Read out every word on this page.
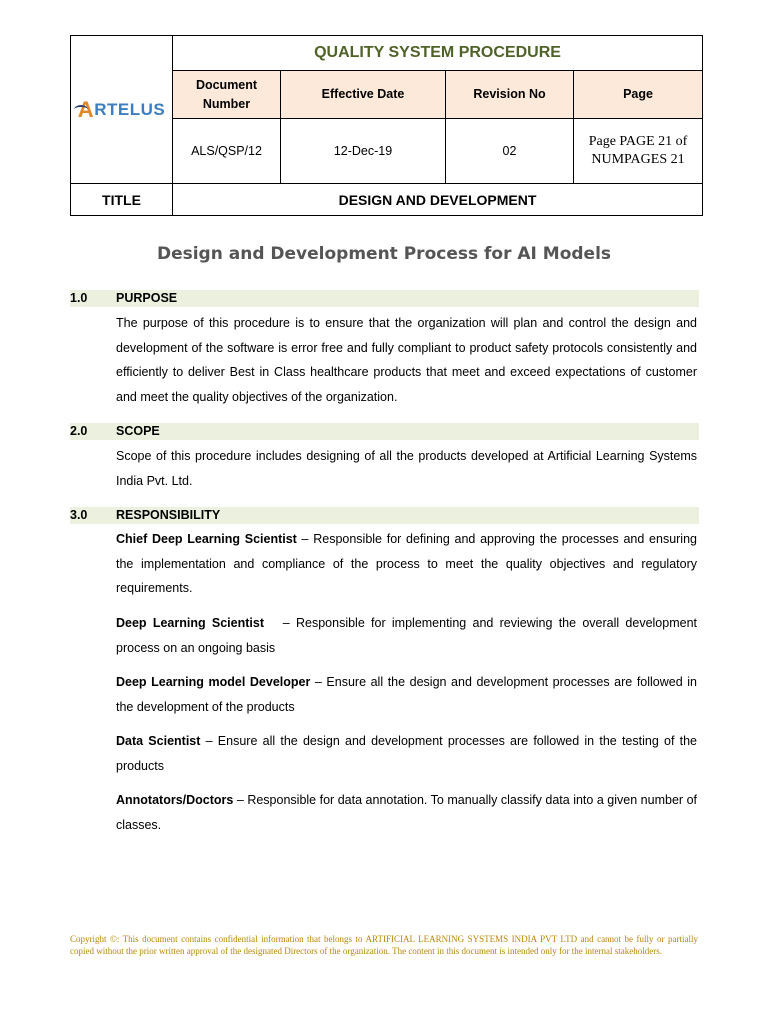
A RTELUS	QUALITY SYSTEM PROCEDURE			
	Document Number	Effective Date	Revision No	Page
	ALS/QSP/12	12-Dec-19	02	Page PAGE 21 of NUMPAGES 21
TITLE	DESIGN AND DEVELOPMENT			
Design and Development Process for AI Models
1.0 PURPOSE

The purpose of this procedure is to ensure that the organization will plan and control the design and development of the software is error free and fully compliant to product safety protocols consistently and efficiently to deliver Best in Class healthcare products that meet and exceed expectations of customer and meet the quality objectives of the organization.

2.0 SCOPE

Scope of this procedure includes designing of all the products developed at Artificial Learning Systems India Pvt. Ltd.

3.0 RESPONSIBILITY

Chief Deep Learning Scientist – Responsible for defining and approving the processes and ensuring the implementation and compliance of the process to meet the quality objectives and regulatory requirements.

Deep Learning Scientist   – Responsible for implementing and reviewing the overall development process on an ongoing basis

Deep Learning model Developer – Ensure all the design and development processes are followed in the development of the products

Data Scientist – Ensure all the design and development processes are followed in the testing of the products

Annotators/Doctors – Responsible for data annotation. To manually classify data into a given number of classes.

Copyright ©: This document contains confidential information that belongs to ARTIFICIAL LEARNING SYSTEMS INDIA PVT LTD and cannot be fully or partially copied without the prior written approval of the designated Directors of the organization. The content in this document is intended only for the internal stakeholders.
